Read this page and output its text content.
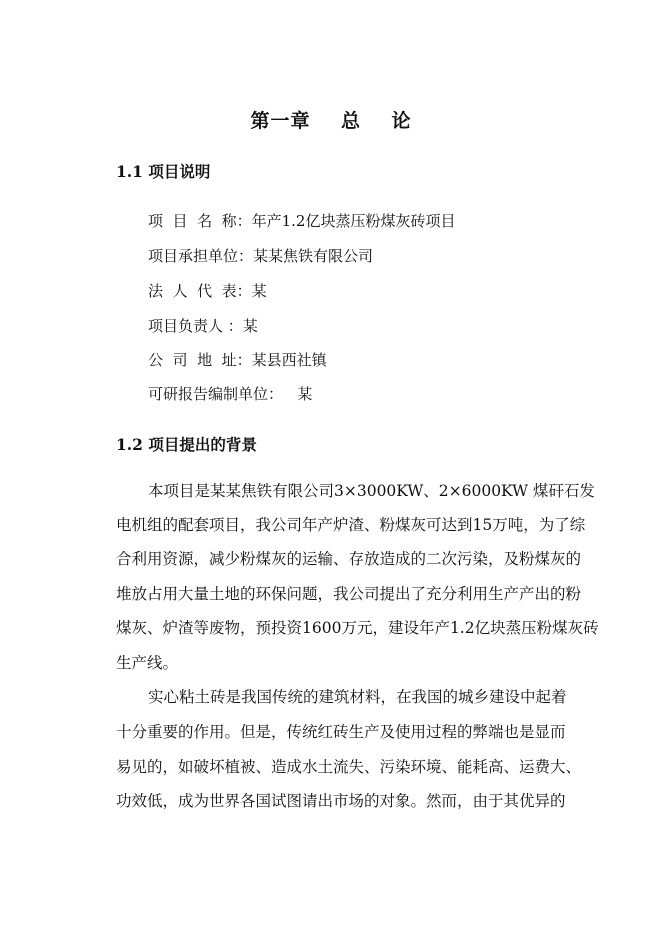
第一章    总    论
1.1 项目说明
项  目  名  称：年产1.2亿块蒸压粉煤灰砖项目
项目承担单位：某某焦铁有限公司
法  人  代  表：某
项目负责人 ：某
公  司  地  址：某县西社镇
可研报告编制单位：   某
1.2 项目提出的背景
本项目是某某焦铁有限公司3×3000KW、2×6000KW 煤矸石发
电机组的配套项目，我公司年产炉渣、粉煤灰可达到15万吨，为了综
合利用资源，减少粉煤灰的运输、存放造成的二次污染，及粉煤灰的
堆放占用大量土地的环保问题，我公司提出了充分利用生产产出的粉
煤灰、炉渣等废物，预投资1600万元，建设年产1.2亿块蒸压粉煤灰砖
生产线。
实心粘土砖是我国传统的建筑材料，在我国的城乡建设中起着
十分重要的作用。但是，传统红砖生产及使用过程的弊端也是显而
易见的，如破坏植被、造成水土流失、污染环境、能耗高、运费大、
功效低，成为世界各国试图请出市场的对象。然而，由于其优异的
